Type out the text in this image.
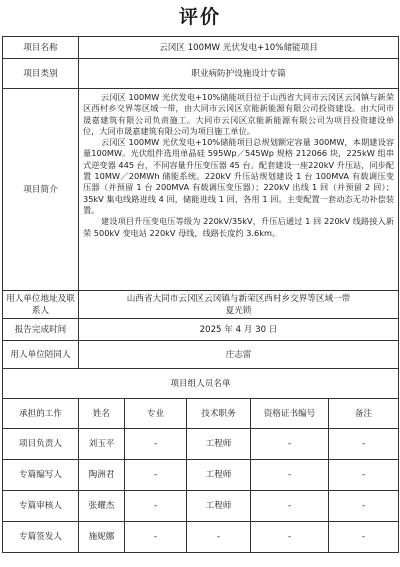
评价
项目名称	云冈区 100MW 光伏发电+10%储能项目				
项目类别	职业病防护设施设计专篇				
项目简介	云冈区 100MW 光伏发电+10%储能项目位于山西省大同市云冈区云冈镇与新荣区西村乡交界等区域一带，由大同市云冈区京能新能源有限公司投资建设。由大同市晟嘉建筑有限公司负责施工。大同市云冈区京能新能源有限公司为项目投资建设单位，大同市晟嘉建筑有限公司为项目施工单位。

云冈区 100MW 光伏发电+10%储能项目总规划额定容量 300MW，本期建设容量100MW。光伏组件选用单晶硅 595Wp／545Wp 规格 212066 块，225kW 组串式逆变器 445 台，不同容量升压变压器 45 台。配套建设一座220kV 升压站，同步配置 10MW／20MWh 储能系统。220kV 升压站规划建设 1 台 100MVA 有载调压变压器（并预留 1 台 200MVA 有载调压变压器）；220kV 出线 1 回（并预留 2 回）；35kV 集电线路进线 4 回，储能进线 1 回，各用 1 回。主变配置一套动态无功补偿装置。

建设项目升压变电压等级为 220kV/35kV，升压后通过 1 回 220kV 线路接入新荣 500kV 变电站 220kV 母线，线路长度约 3.6km。				

用人单位地址及联系人	山西省大同市云冈区云冈镇与新荣区西村乡交界等区域一带
夏光锁				

报告完成时间	2025 年 4 月 30 日				
用人单位陪同人	庄志雷				
项目组人员名单					
承担的工作	姓名	专业	技术职务	资格证书编号	备注
项目负责人	刘玉平	-	工程师	-	-
专篇编写人	陶洲君	-	工程师	-	-
专篇审核人	张耀杰	-	工程师	-	-
专篇签发人	施妮娜	-	-	-	-
